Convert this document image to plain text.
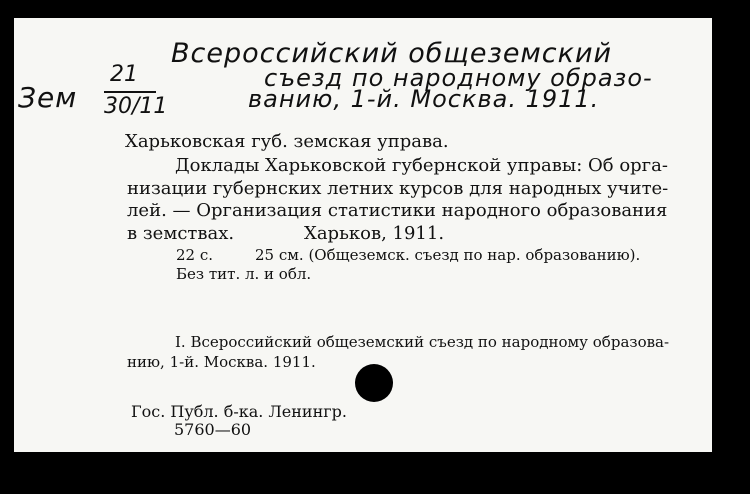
Зем
21
30/11
Всероссийский общеземский
съезд по народному образо-
ванию, 1-й. Москва. 1911.
Харьковская губ. земская управа.
Доклады Харьковской губернской управы: Об орга-
низации губернских летних курсов для народных учите-
лей. — Организация статистики народного образования
в земствах.	Харьков, 1911.
22 с.	25 см. (Общеземск. съезд по нар. образованию).
Без тит. л. и обл.
I. Всероссийский общеземский съезд по народному образова-
нию, 1-й. Москва. 1911.
Гос. Публ. б-ка. Ленингр.
5760—60
